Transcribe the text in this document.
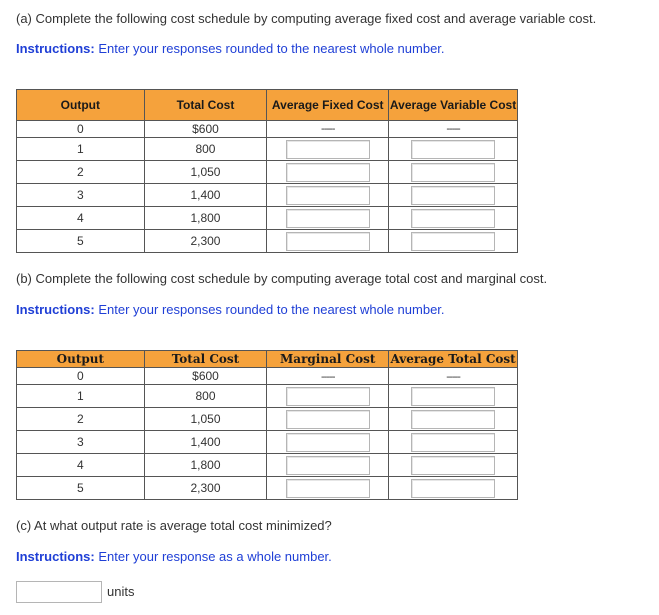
(a) Complete the following cost schedule by computing average fixed cost and average variable cost.
Instructions: Enter your responses rounded to the nearest whole number.
Output	Total Cost	Average Fixed Cost	Average Variable Cost
0	$600	-----	-----
1	800		
2	1,050		
3	1,400		
4	1,800		
5	2,300		
(b) Complete the following cost schedule by computing average total cost and marginal cost.
Instructions: Enter your responses rounded to the nearest whole number.
Output	Total Cost	Marginal Cost	Average Total Cost
0	$600	-----	-----
1	800		
2	1,050		
3	1,400		
4	1,800		
5	2,300		
(c) At what output rate is average total cost minimized?
Instructions: Enter your response as a whole number.
units
